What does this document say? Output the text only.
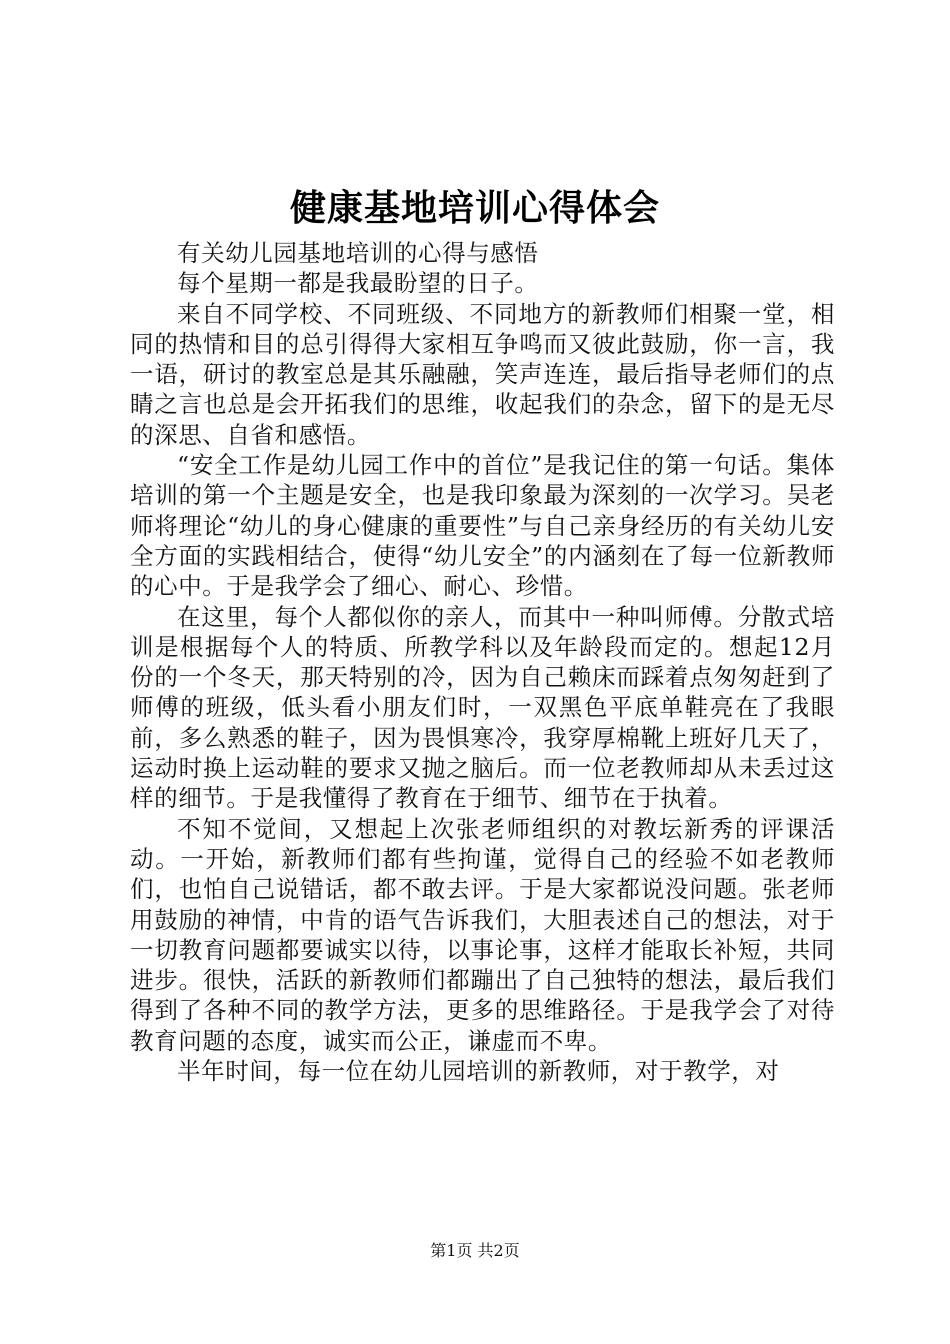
健康基地培训心得体会

有关幼儿园基地培训的心得与感悟

每个星期一都是我最盼望的日子。

来自不同学校、不同班级、不同地方的新教师们相聚一堂，相同的热情和目的总引得得大家相互争鸣而又彼此鼓励，你一言，我一语，研讨的教室总是其乐融融，笑声连连，最后指导老师们的点睛之言也总是会开拓我们的思维，收起我们的杂念，留下的是无尽的深思、自省和感悟。

“安全工作是幼儿园工作中的首位”是我记住的第一句话。集体培训的第一个主题是安全，也是我印象最为深刻的一次学习。吴老师将理论“幼儿的身心健康的重要性”与自己亲身经历的有关幼儿安全方面的实践相结合，使得“幼儿安全”的内涵刻在了每一位新教师的心中。于是我学会了细心、耐心、珍惜。

在这里，每个人都似你的亲人，而其中一种叫师傅。分散式培训是根据每个人的特质、所教学科以及年龄段而定的。想起12月份的一个冬天，那天特别的冷，因为自己赖床而踩着点匆匆赶到了师傅的班级，低头看小朋友们时，一双黑色平底单鞋亮在了我眼前，多么熟悉的鞋子，因为畏惧寒冷，我穿厚棉靴上班好几天了，运动时换上运动鞋的要求又抛之脑后。而一位老教师却从未丢过这样的细节。于是我懂得了教育在于细节、细节在于执着。

不知不觉间，又想起上次张老师组织的对教坛新秀的评课活动。一开始，新教师们都有些拘谨，觉得自己的经验不如老教师们，也怕自己说错话，都不敢去评。于是大家都说没问题。张老师用鼓励的神情，中肯的语气告诉我们，大胆表述自己的想法，对于一切教育问题都要诚实以待，以事论事，这样才能取长补短，共同进步。很快，活跃的新教师们都蹦出了自己独特的想法，最后我们得到了各种不同的教学方法，更多的思维路径。于是我学会了对待教育问题的态度，诚实而公正，谦虚而不卑。

半年时间，每一位在幼儿园培训的新教师，对于教学，对

第1页 共2页
